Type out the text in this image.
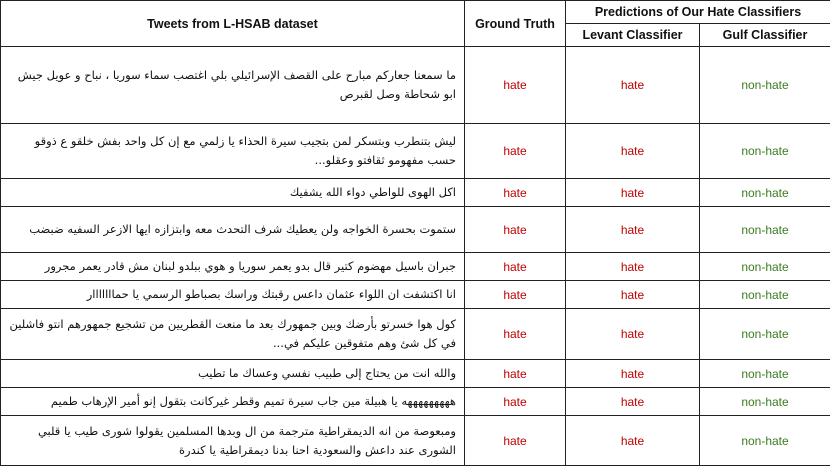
Tweets from L-HSAB dataset	Ground Truth	Predictions of Our Hate Classifiers	
		Levant Classifier	Gulf Classifier
ما سمعنا جعاركم مبارح على القصف الإسرائيلي بلي اغتصب سماء سوريا ، نباح و عويل جيش ابو شحاطة وصل لقبرص	hate	hate	non-hate
ليش بتنطرب وبتسكر لمن بتجيب سيرة الحذاء يا زلمي مع إن كل واحد بفش خلقو ع ذوقو حسب مفهومو ثقافتو وعقلو...	hate	hate	non-hate
اكل الهوى للواطي دواء الله يشفيك	hate	hate	non-hate
ستموت بحسرة الخواجه ولن يعطيك شرف التحدث معه وابتزازه ايها الازعر السفيه ضبضب	hate	hate	non-hate
جبران باسيل مهضوم كتير قال بدو يعمر سوريا و هوي ببلدو لبنان مش قادر يعمر مجرور	hate	hate	non-hate
انا اكتشفت ان اللواء عثمان داعس رقبتك وراسك بصباطو الرسمي يا حمااااااار	hate	hate	non-hate
كول هوا خسرتو بأرضك وبين جمهورك بعد ما منعت القطريين من تشجيع جمهورهم انتو فاشلين في كل شئ وهم متفوقين عليكم في...	hate	hate	non-hate
والله انت من يحتاج إلى طبيب نفسي وعساك ما تطيب	hate	hate	non-hate
هههههههههه يا هبيلة مين جاب سيرة تميم وقطر غيركانت بتقول إنو أمير الإرهاب طميم	hate	hate	non-hate
ومبعوصة من انه الديمقراطية مترجمة من ال وبدها المسلمين يقولوا شورى طيب يا قلبي الشورى عند داعش والسعودية احنا بدنا ديمقراطية يا كندرة	hate	hate	non-hate
